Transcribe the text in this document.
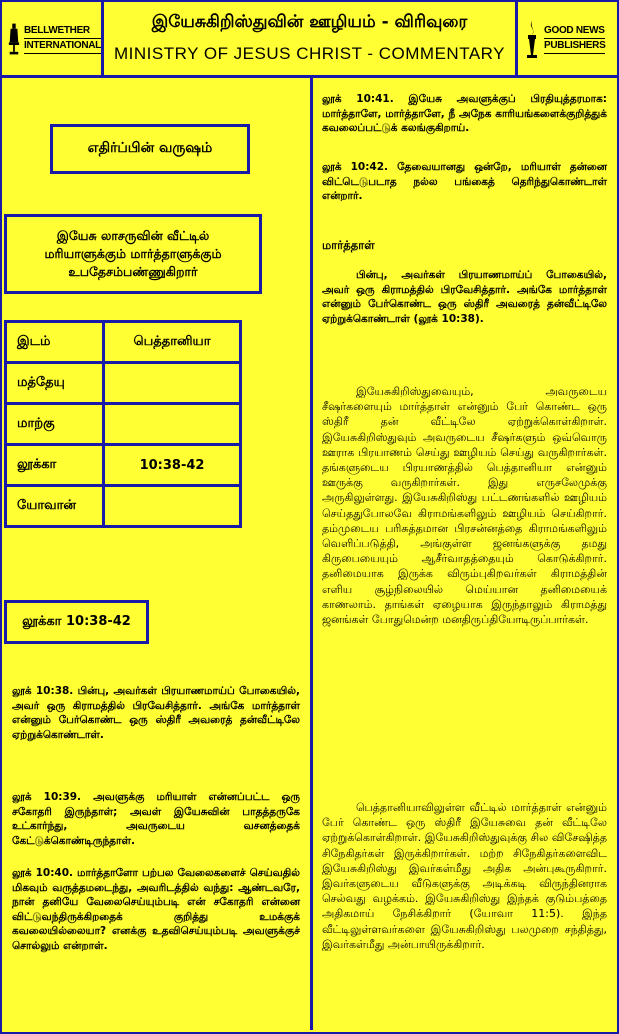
BELLWETHER
INTERNATIONAL
இயேசுகிறிஸ்துவின் ஊழியம் - விரிவுரை
MINISTRY OF JESUS CHRIST - COMMENTARY
GOOD NEWS
PUBLISHERS
எதிர்ப்பின் வருஷம்
இயேசு லாசருவின் வீட்டில்
மரியாளுக்கும் மார்த்தாளுக்கும்
உபதேசம்பண்ணுகிறார்
இடம்	பெத்தானியா
மத்தேயு	
மாற்கு	
லூக்கா	10:38-42
யோவான்	
லூக்கா 10:38-42

லூக் 10:38. பின்பு, அவர்கள் பிரயாணமாய்ப் போகையில், அவர் ஒரு கிராமத்தில் பிரவேசித்தார். அங்கே மார்த்தாள் என்னும் பேர்கொண்ட ஒரு ஸ்திரீ அவரைத் தன்வீட்டிலே ஏற்றுக்கொண்டாள்.

லூக் 10:39. அவளுக்கு மரியாள் என்னப்பட்ட ஒரு சகோதரி இருந்தாள்; அவள் இயேசுவின் பாதத்தருகே உட்கார்ந்து, அவருடைய வசனத்தைக் கேட்டுக்கொண்டிருந்தாள்.

லூக் 10:40. மார்த்தாளோ பற்பல வேலைகளைச் செய்வதில் மிகவும் வருத்தமடைந்து, அவரிடத்தில் வந்து: ஆண்டவரே, நான் தனியே வேலைசெய்யும்படி என் சகோதரி என்னை விட்டுவந்திருக்கிறதைக் குறித்து உமக்குக் கவலையில்லையா? எனக்கு உதவிசெய்யும்படி அவளுக்குச் சொல்லும் என்றாள்.

லூக் 10:41. இயேசு அவளுக்குப் பிரதியுத்தரமாக: மார்த்தாளே, மார்த்தாளே, நீ அநேக காரியங்களைக்குறித்துக் கவலைப்பட்டுக் கலங்குகிறாய்.

லூக் 10:42. தேவையானது ஒன்றே, மரியாள் தன்னை விட்டெடுபடாத நல்ல பங்கைத் தெரிந்துகொண்டாள் என்றார்.

மார்த்தாள்

பின்பு, அவர்கள் பிரயாணமாய்ப் போகையில், அவர் ஒரு கிராமத்தில் பிரவேசித்தார். அங்கே மார்த்தாள் என்னும் பேர்கொண்ட ஒரு ஸ்திரீ அவரைத் தன்வீட்டிலே ஏற்றுக்கொண்டாள் (லூக் 10:38).

இயேசுகிறிஸ்துவையும், அவருடைய சீஷர்களையும் மார்த்தாள் என்னும் பேர் கொண்ட ஒரு ஸ்திரீ தன் வீட்டிலே ஏற்றுக்கொள்கிறாள். இயேசுகிறிஸ்துவும் அவருடைய சீஷர்களும் ஒவ்வொரு ஊராக பிரயாணம் செய்து ஊழியம் செய்து வருகிறார்கள். தங்களுடைய பிரயாணத்தில் பெத்தானியா என்னும் ஊருக்கு வருகிறார்கள். இது எருசலேமுக்கு அருகிலுள்ளது. இயேசுகிறிஸ்து பட்டணங்களில் ஊழியம் செய்ததுபோலவே கிராமங்களிலும் ஊழியம் செய்கிறார். தம்முடைய பரிசுத்தமான பிரசன்னத்தை கிராமங்களிலும் வெளிப்படுத்தி, அங்குள்ள ஜனங்களுக்கு தமது கிருபையையும் ஆசீர்வாதத்தையும் கொடுக்கிறார். தனிமையாக இருக்க விரும்புகிறவர்கள் கிராமத்தின் எளிய சூழ்நிலையில் மெய்யான தனிமையைக் காணலாம். தாங்கள் ஏழையாக இருந்தாலும் கிராமத்து ஜனங்கள் போதுமென்ற மனதிருப்தியோடிருப்பார்கள்.

பெத்தானியாவிலுள்ள வீட்டில் மார்த்தாள் என்னும் பேர் கொண்ட ஒரு ஸ்திரீ இயேசுவை தன் வீட்டிலே ஏற்றுக்கொள்கிறாள். இயேசுகிறிஸ்துவுக்கு சில விசேஷித்த சிநேகிதர்கள் இருக்கிறார்கள். மற்ற சிநேகிதர்களைவிட இயேசுகிறிஸ்து இவர்கள்மீது அதிக அன்புகூருகிறார். இவர்களுடைய வீடுகளுக்கு அடிக்கடி விருந்தினராக செல்வது வழக்கம். இயேசுகிறிஸ்து இந்தக் குடும்பத்தை அதிகமாய் நேசிக்கிறார் (யோவா 11:5). இந்த வீட்டிலுள்ளவர்களை இயேசுகிறிஸ்து பலமுறை சந்தித்து, இவர்கள்மீது அன்பாயிருக்கிறார்.
